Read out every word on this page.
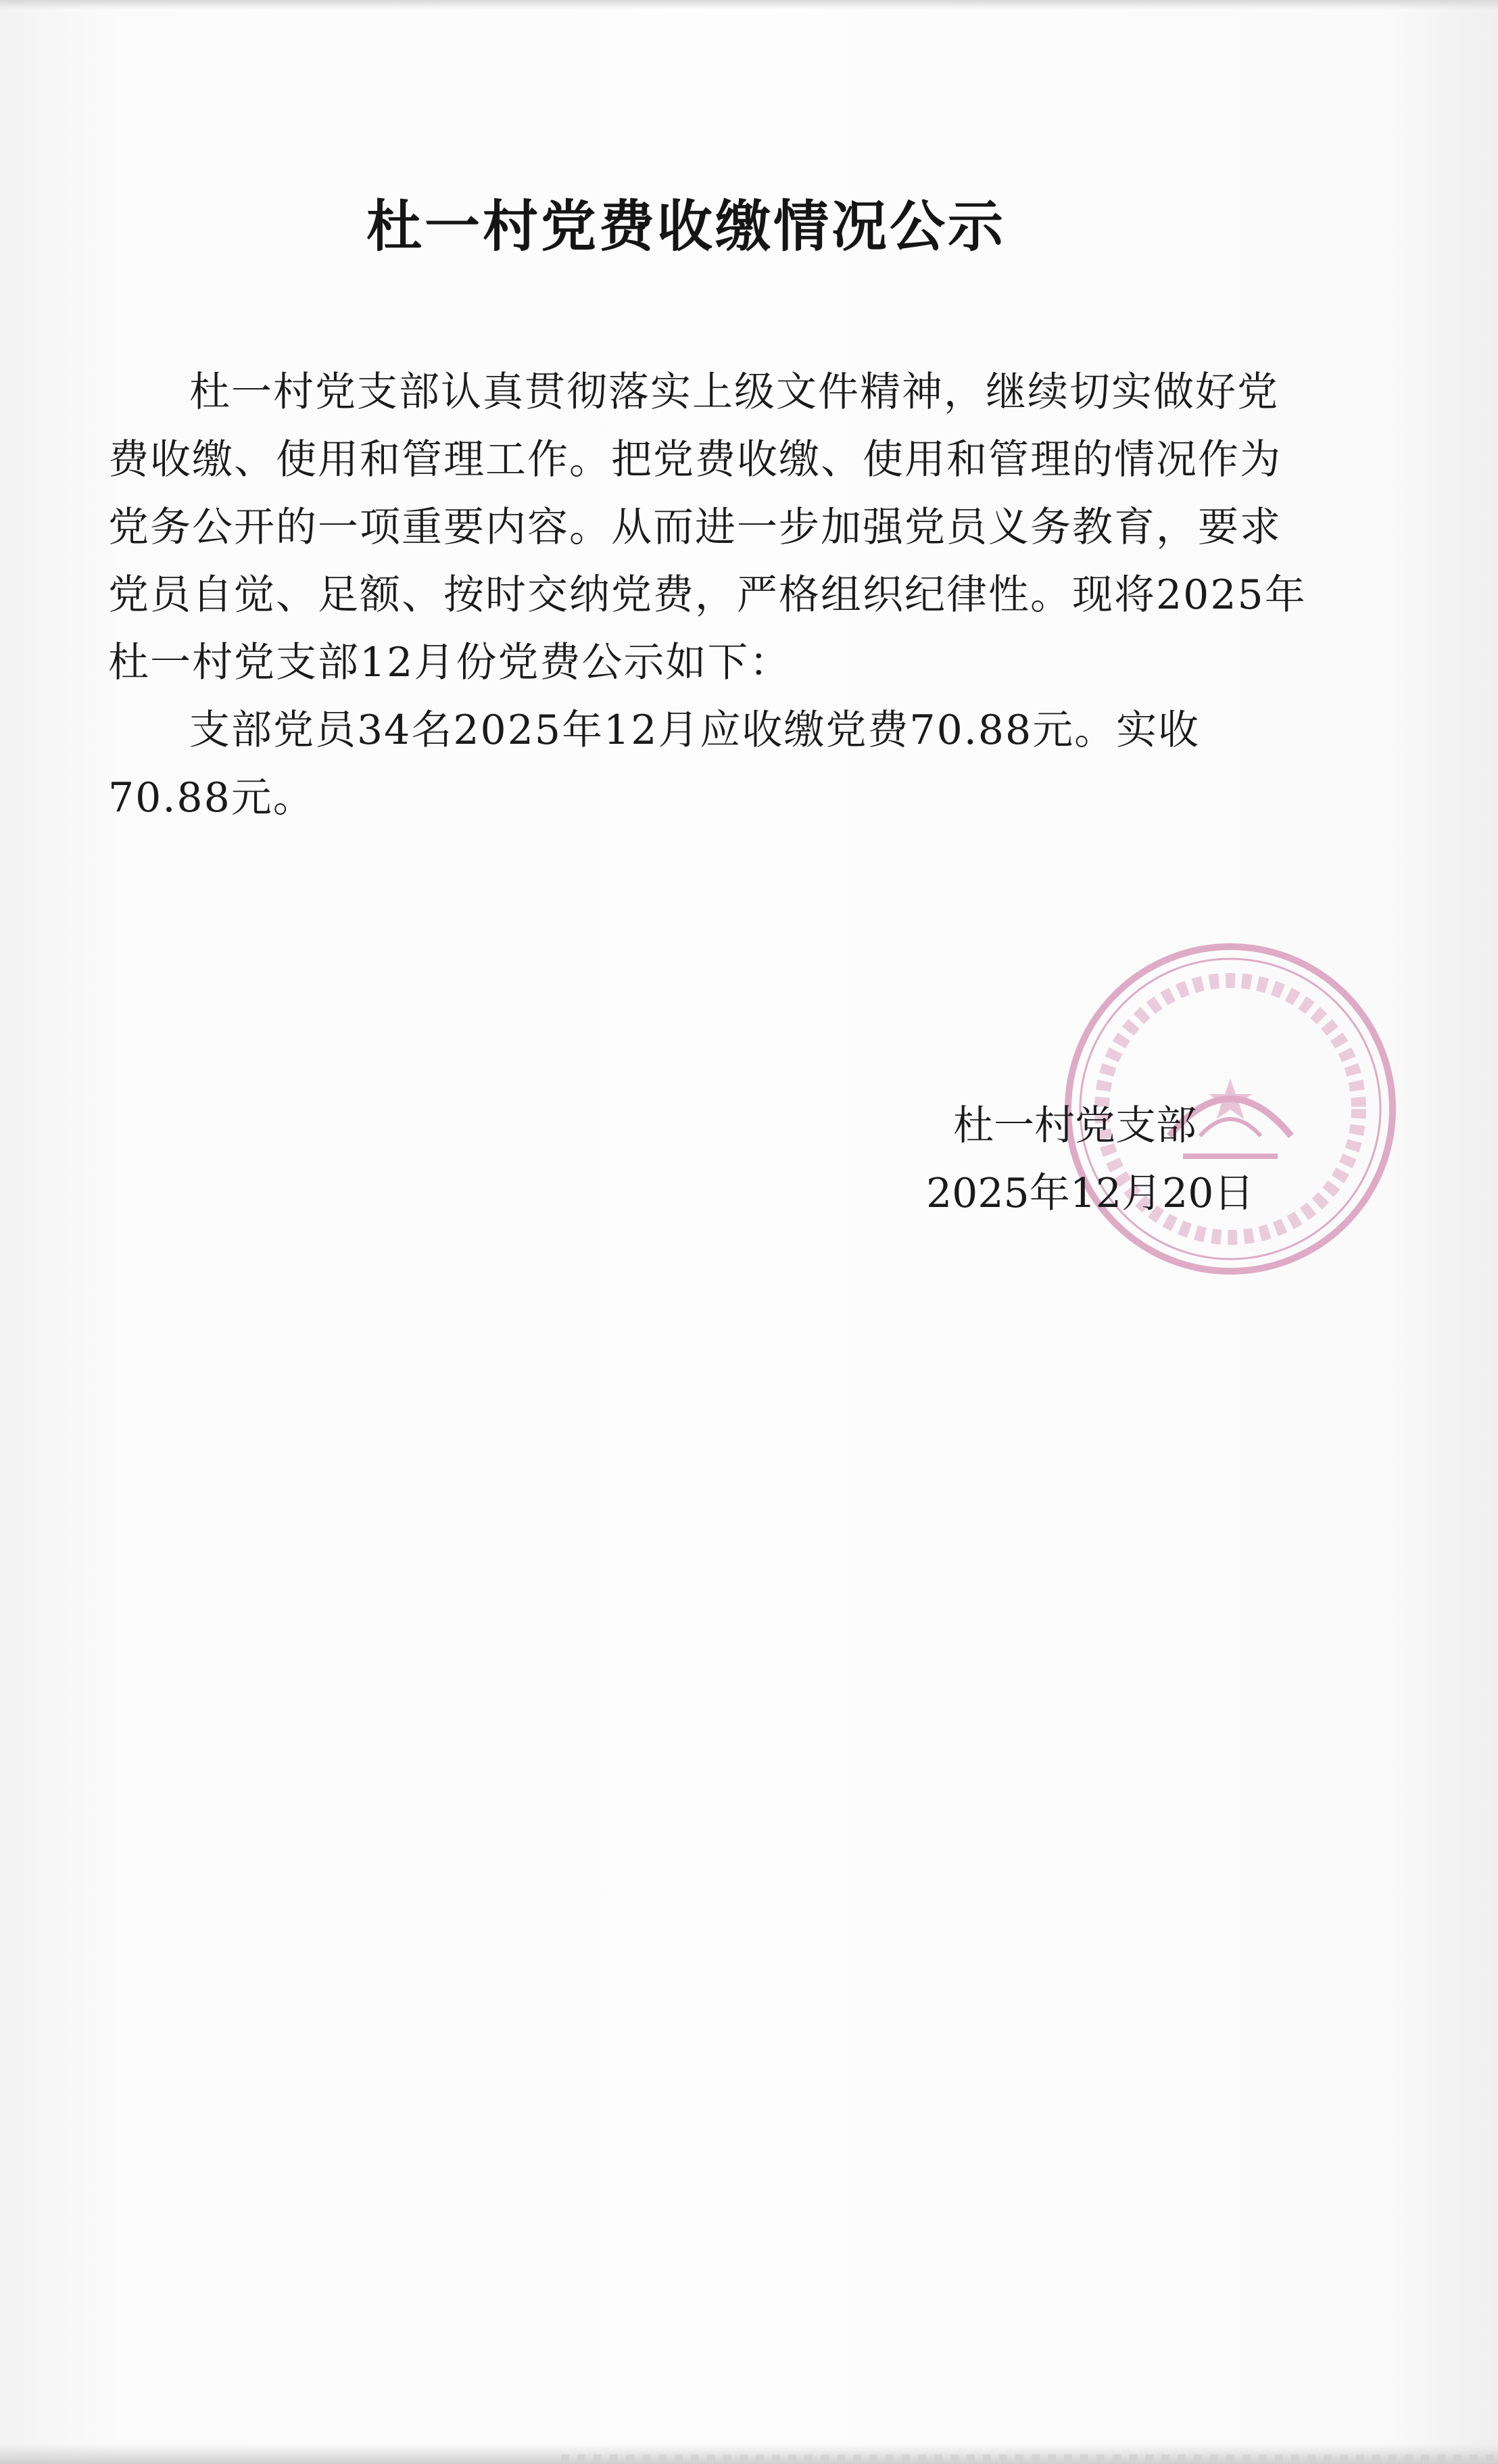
杜一村党费收缴情况公示

杜一村党支部认真贯彻落实上级文件精神，继续切实做好党费收缴、使用和管理工作。把党费收缴、使用和管理的情况作为党务公开的一项重要内容。从而进一步加强党员义务教育，要求党员自觉、足额、按时交纳党费，严格组织纪律性。现将2025年杜一村党支部12月份党费公示如下：

支部党员34名2025年12月应收缴党费70.88元。实收70.88元。

杜一村党支部

2025年12月20日
